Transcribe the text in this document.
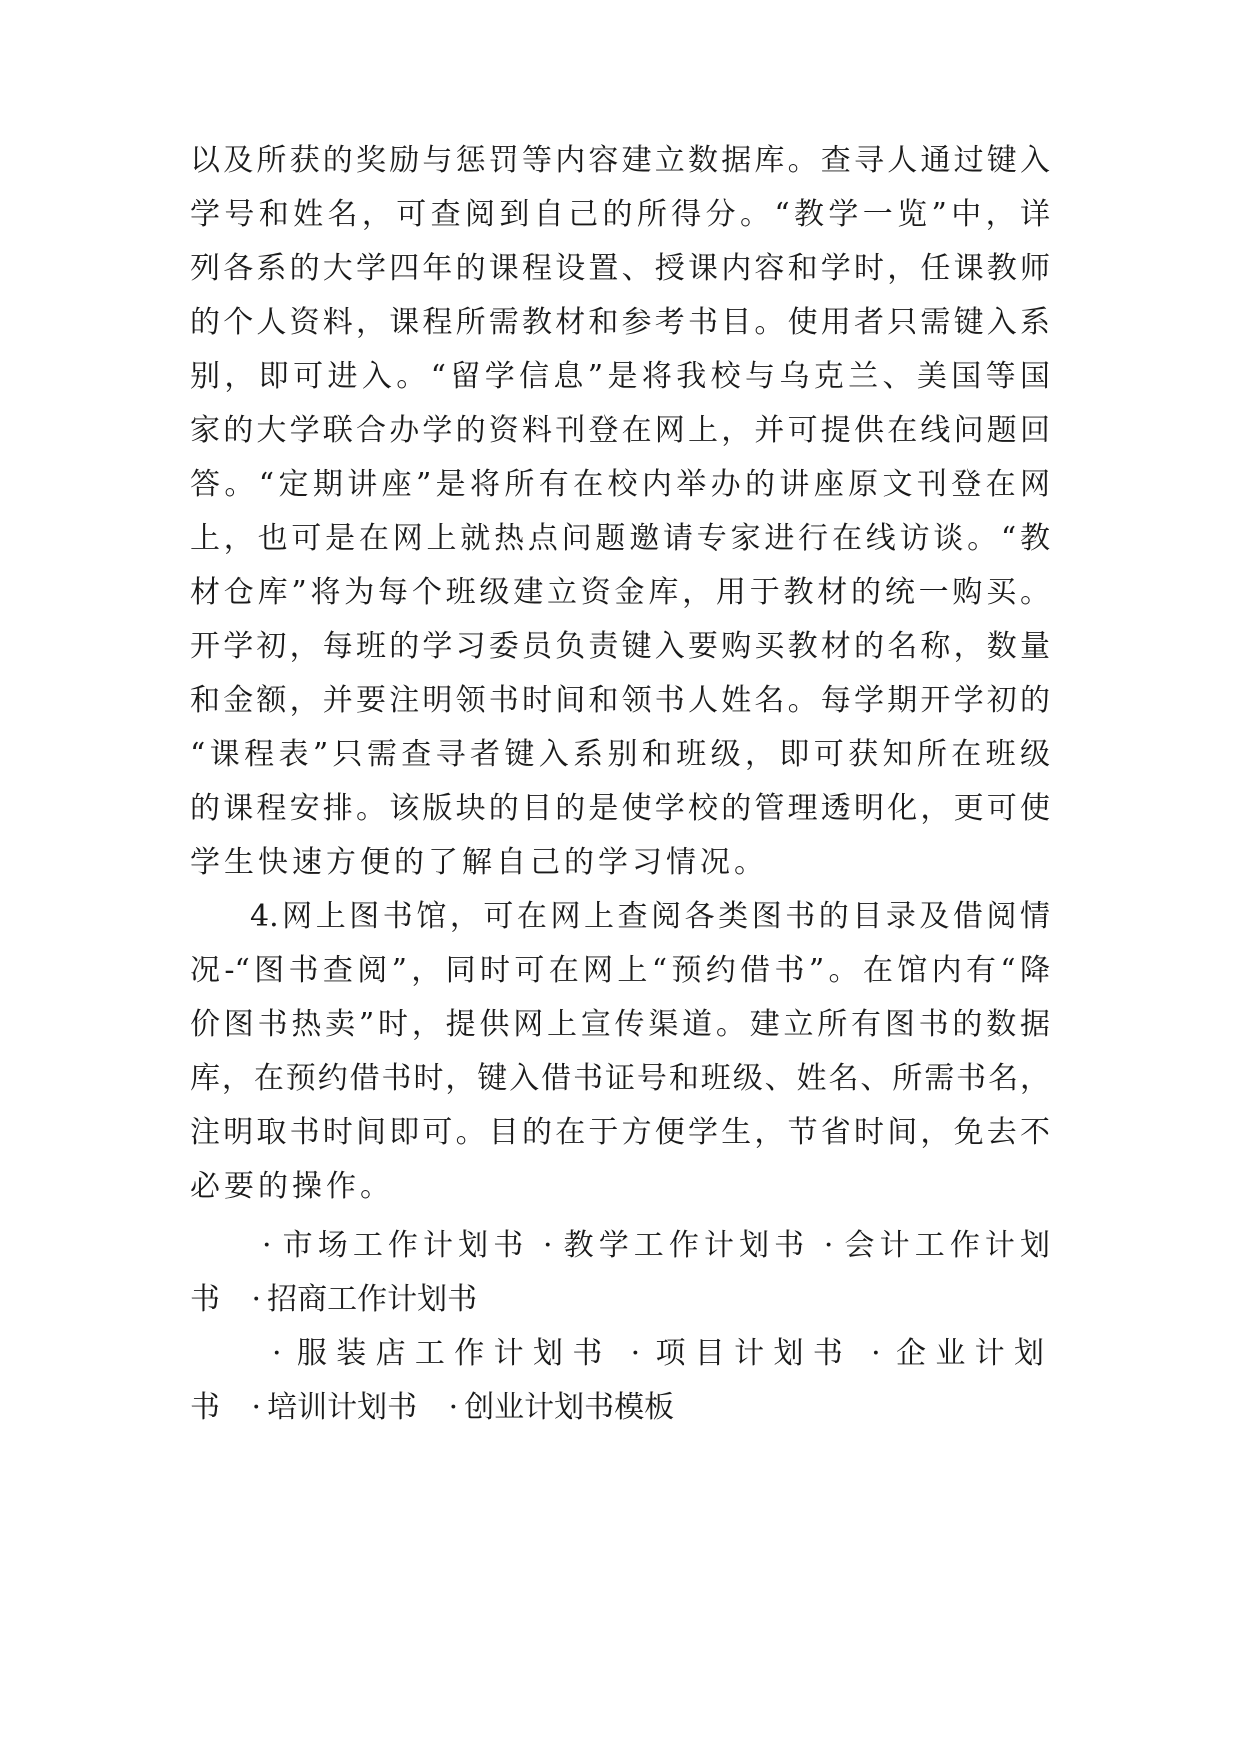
以及所获的奖励与惩罚等内容建立数据库。查寻人通过键入
学号和姓名，可查阅到自己的所得分。“教学一览”中，详
列各系的大学四年的课程设置、授课内容和学时，任课教师
的个人资料，课程所需教材和参考书目。使用者只需键入系
别，即可进入。“留学信息”是将我校与乌克兰、美国等国
家的大学联合办学的资料刊登在网上，并可提供在线问题回
答。“定期讲座”是将所有在校内举办的讲座原文刊登在网
上，也可是在网上就热点问题邀请专家进行在线访谈。“教
材仓库”将为每个班级建立资金库，用于教材的统一购买。
开学初，每班的学习委员负责键入要购买教材的名称，数量
和金额，并要注明领书时间和领书人姓名。每学期开学初的
“课程表”只需查寻者键入系别和班级，即可获知所在班级
的课程安排。该版块的目的是使学校的管理透明化，更可使
学生快速方便的了解自己的学习情况。
4.网上图书馆，可在网上查阅各类图书的目录及借阅情
况-“图书查阅”，同时可在网上“预约借书”。在馆内有“降
价图书热卖”时，提供网上宣传渠道。建立所有图书的数据
库，在预约借书时，键入借书证号和班级、姓名、所需书名，
注明取书时间即可。目的在于方便学生，节省时间，免去不
必要的操作。
· 市场工作计划书 · 教学工作计划书 · 会计工作计划
书 · 招商工作计划书
· 服装店工作计划书 · 项目计划书 · 企业计划
书 · 培训计划书 · 创业计划书模板
